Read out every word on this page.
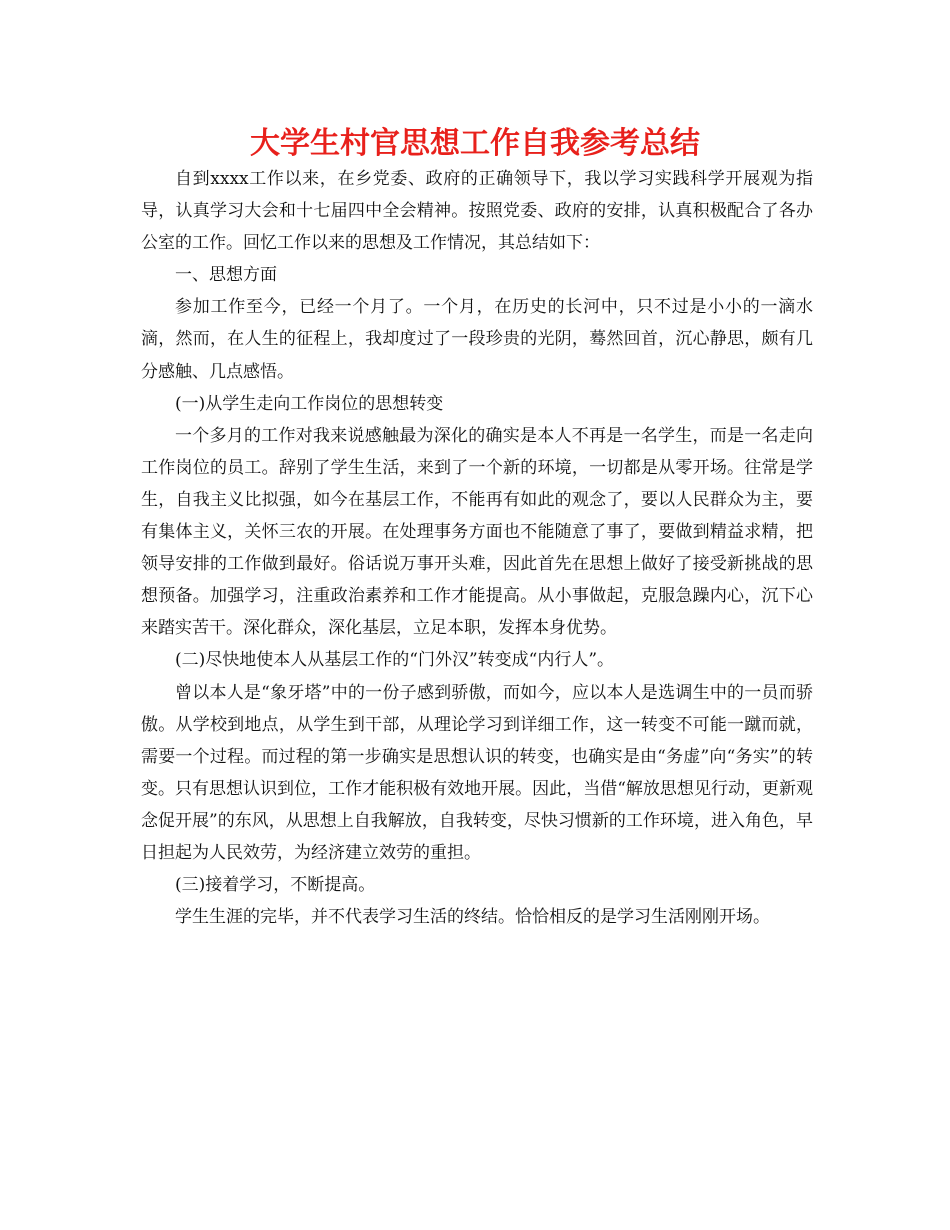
大学生村官思想工作自我参考总结

自到xxxx工作以来，在乡党委、政府的正确领导下，我以学习实践科学开展观为指导，认真学习大会和十七届四中全会精神。按照党委、政府的安排，认真积极配合了各办公室的工作。回忆工作以来的思想及工作情况，其总结如下：

一、思想方面

参加工作至今，已经一个月了。一个月，在历史的长河中，只不过是小小的一滴水滴，然而，在人生的征程上，我却度过了一段珍贵的光阴，蓦然回首，沉心静思，颇有几分感触、几点感悟。

(一)从学生走向工作岗位的思想转变

一个多月的工作对我来说感触最为深化的确实是本人不再是一名学生，而是一名走向工作岗位的员工。辞别了学生生活，来到了一个新的环境，一切都是从零开场。往常是学生，自我主义比拟强，如今在基层工作，不能再有如此的观念了，要以人民群众为主，要有集体主义，关怀三农的开展。在处理事务方面也不能随意了事了，要做到精益求精，把领导安排的工作做到最好。俗话说万事开头难，因此首先在思想上做好了接受新挑战的思想预备。加强学习，注重政治素养和工作才能提高。从小事做起，克服急躁内心，沉下心来踏实苦干。深化群众，深化基层，立足本职，发挥本身优势。

(二)尽快地使本人从基层工作的“门外汉”转变成“内行人”。

曾以本人是“象牙塔”中的一份子感到骄傲，而如今，应以本人是选调生中的一员而骄傲。从学校到地点，从学生到干部，从理论学习到详细工作，这一转变不可能一蹴而就，需要一个过程。而过程的第一步确实是思想认识的转变，也确实是由“务虚”向“务实”的转变。只有思想认识到位，工作才能积极有效地开展。因此，当借“解放思想见行动，更新观念促开展”的东风，从思想上自我解放，自我转变，尽快习惯新的工作环境，进入角色，早日担起为人民效劳，为经济建立效劳的重担。

(三)接着学习，不断提高。

学生生涯的完毕，并不代表学习生活的终结。恰恰相反的是学习生活刚刚开场。
